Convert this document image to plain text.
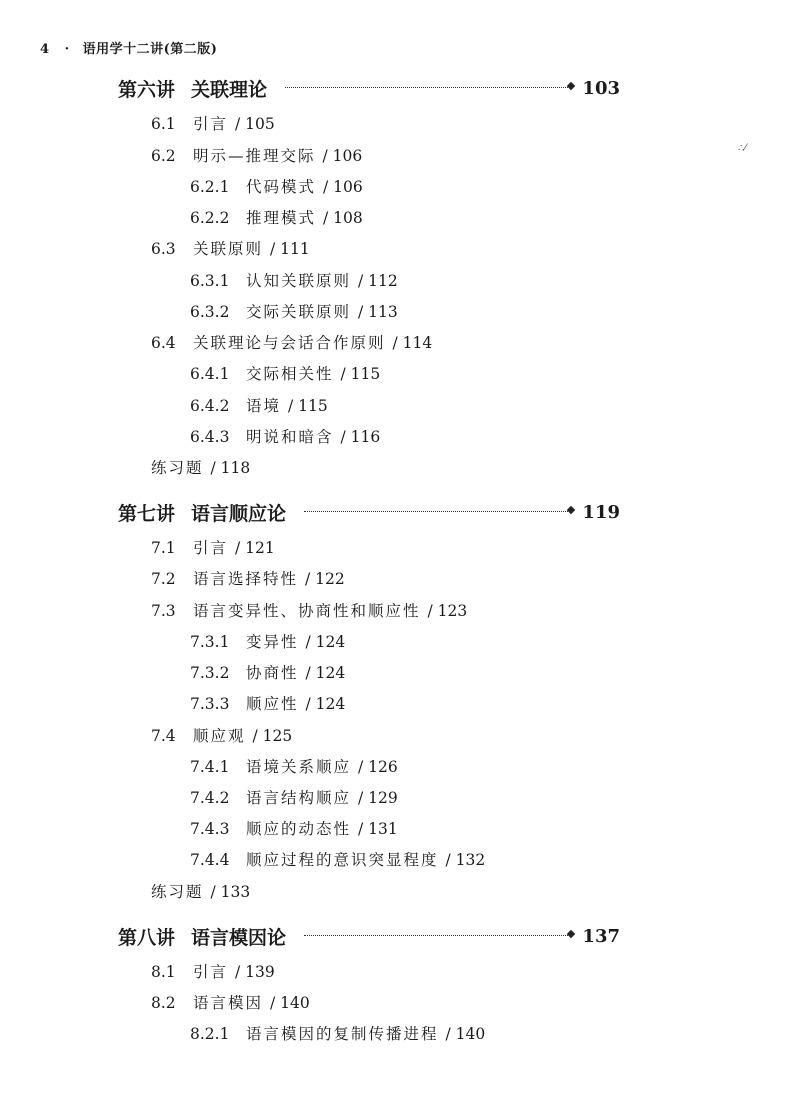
4 · 语用学十二讲(第二版)
∴⁄
第六讲 关联理论	103
6.1 引言 / 105
6.2 明示—推理交际 / 106
6.2.1 代码模式 / 106
6.2.2 推理模式 / 108
6.3 关联原则 / 111
6.3.1 认知关联原则 / 112
6.3.2 交际关联原则 / 113
6.4 关联理论与会话合作原则 / 114
6.4.1 交际相关性 / 115
6.4.2 语境 / 115
6.4.3 明说和暗含 / 116
练习题 / 118
第七讲 语言顺应论	119
7.1 引言 / 121
7.2 语言选择特性 / 122
7.3 语言变异性、协商性和顺应性 / 123
7.3.1 变异性 / 124
7.3.2 协商性 / 124
7.3.3 顺应性 / 124
7.4 顺应观 / 125
7.4.1 语境关系顺应 / 126
7.4.2 语言结构顺应 / 129
7.4.3 顺应的动态性 / 131
7.4.4 顺应过程的意识突显程度 / 132
练习题 / 133
第八讲 语言模因论	137
8.1 引言 / 139
8.2 语言模因 / 140
8.2.1 语言模因的复制传播进程 / 140
